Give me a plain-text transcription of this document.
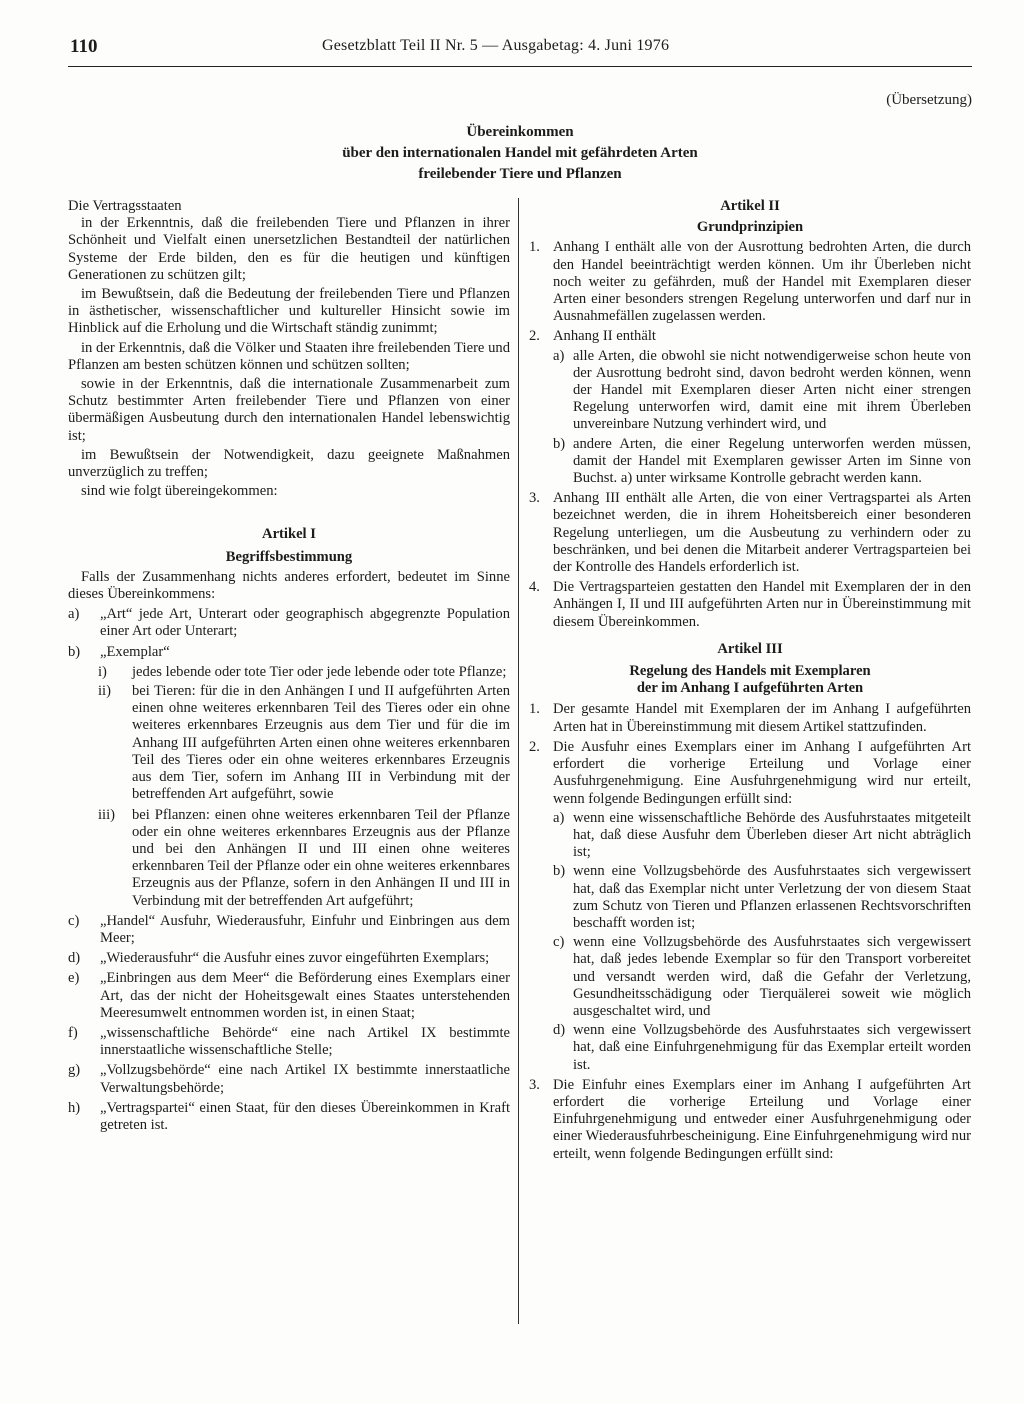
110	Gesetzblatt Teil II Nr. 5 — Ausgabetag: 4. Juni 1976
(Übersetzung)
Übereinkommen
über den internationalen Handel mit gefährdeten Arten
freilebender Tiere und Pflanzen

Die Vertragsstaaten

in der Erkenntnis, daß die freilebenden Tiere und Pflanzen in ihrer Schönheit und Vielfalt einen unersetzlichen Bestandteil der natürlichen Systeme der Erde bilden, den es für die heutigen und künftigen Generationen zu schützen gilt;

im Bewußtsein, daß die Bedeutung der freilebenden Tiere und Pflanzen in ästhetischer, wissenschaftlicher und kultureller Hinsicht sowie im Hinblick auf die Erholung und die Wirtschaft ständig zunimmt;

in der Erkenntnis, daß die Völker und Staaten ihre freilebenden Tiere und Pflanzen am besten schützen können und schützen sollten;

sowie in der Erkenntnis, daß die internationale Zusammenarbeit zum Schutz bestimmter Arten freilebender Tiere und Pflanzen von einer übermäßigen Ausbeutung durch den internationalen Handel lebenswichtig ist;

im Bewußtsein der Notwendigkeit, dazu geeignete Maßnahmen unverzüglich zu treffen;

sind wie folgt übereingekommen:

Artikel I

Begriffsbestimmung

Falls der Zusammenhang nichts anderes erfordert, bedeutet im Sinne dieses Übereinkommens:

a)	„Art“ jede Art, Unterart oder geographisch abgegrenzte Population einer Art oder Unterart;
b)	„Exemplar“
i)	jedes lebende oder tote Tier oder jede lebende oder tote Pflanze;
ii)	bei Tieren: für die in den Anhängen I und II aufgeführten Arten einen ohne weiteres erkennbaren Teil des Tieres oder ein ohne weiteres erkennbares Erzeugnis aus dem Tier und für die im Anhang III aufgeführten Arten einen ohne weiteres erkennbaren Teil des Tieres oder ein ohne weiteres erkennbares Erzeugnis aus dem Tier, sofern im Anhang III in Verbindung mit der betreffenden Art aufgeführt, sowie
iii)	bei Pflanzen: einen ohne weiteres erkennbaren Teil der Pflanze oder ein ohne weiteres erkennbares Erzeugnis aus der Pflanze und bei den Anhängen II und III einen ohne weiteres erkennbaren Teil der Pflanze oder ein ohne weiteres erkennbares Erzeugnis aus der Pflanze, sofern in den Anhängen II und III in Verbindung mit der betreffenden Art aufgeführt;
c)	„Handel“ Ausfuhr, Wiederausfuhr, Einfuhr und Einbringen aus dem Meer;
d)	„Wiederausfuhr“ die Ausfuhr eines zuvor eingeführten Exemplars;
e)	„Einbringen aus dem Meer“ die Beförderung eines Exemplars einer Art, das der nicht der Hoheitsgewalt eines Staates unterstehenden Meeresumwelt entnommen worden ist, in einen Staat;
f)	„wissenschaftliche Behörde“ eine nach Artikel IX bestimmte innerstaatliche wissenschaftliche Stelle;
g)	„Vollzugsbehörde“ eine nach Artikel IX bestimmte innerstaatliche Verwaltungsbehörde;
h)	„Vertragspartei“ einen Staat, für den dieses Übereinkommen in Kraft getreten ist.

Artikel II

Grundprinzipien

1. Anhang I enthält alle von der Ausrottung bedrohten Arten, die durch den Handel beeinträchtigt werden können. Um ihr Überleben nicht noch weiter zu gefährden, muß der Handel mit Exemplaren dieser Arten einer besonders strengen Regelung unterworfen und darf nur in Ausnahmefällen zugelassen werden.
2. Anhang II enthält
a) alle Arten, die obwohl sie nicht notwendigerweise schon heute von der Ausrottung bedroht sind, davon bedroht werden können, wenn der Handel mit Exemplaren dieser Arten nicht einer strengen Regelung unterworfen wird, damit eine mit ihrem Überleben unvereinbare Nutzung verhindert wird, und
b) andere Arten, die einer Regelung unterworfen werden müssen, damit der Handel mit Exemplaren gewisser Arten im Sinne von Buchst. a) unter wirksame Kontrolle gebracht werden kann.
3. Anhang III enthält alle Arten, die von einer Vertragspartei als Arten bezeichnet werden, die in ihrem Hoheitsbereich einer besonderen Regelung unterliegen, um die Ausbeutung zu verhindern oder zu beschränken, und bei denen die Mitarbeit anderer Vertragsparteien bei der Kontrolle des Handels erforderlich ist.
4. Die Vertragsparteien gestatten den Handel mit Exemplaren der in den Anhängen I, II und III aufgeführten Arten nur in Übereinstimmung mit diesem Übereinkommen.

Artikel III

Regelung des Handels mit Exemplaren

der im Anhang I aufgeführten Arten

1. Der gesamte Handel mit Exemplaren der im Anhang I aufgeführten Arten hat in Übereinstimmung mit diesem Artikel stattzufinden.
2. Die Ausfuhr eines Exemplars einer im Anhang I aufgeführten Art erfordert die vorherige Erteilung und Vorlage einer Ausfuhrgenehmigung. Eine Ausfuhrgenehmigung wird nur erteilt, wenn folgende Bedingungen erfüllt sind:
a) wenn eine wissenschaftliche Behörde des Ausfuhrstaates mitgeteilt hat, daß diese Ausfuhr dem Überleben dieser Art nicht abträglich ist;
b) wenn eine Vollzugsbehörde des Ausfuhrstaates sich vergewissert hat, daß das Exemplar nicht unter Verletzung der von diesem Staat zum Schutz von Tieren und Pflanzen erlassenen Rechtsvorschriften beschafft worden ist;
c) wenn eine Vollzugsbehörde des Ausfuhrstaates sich vergewissert hat, daß jedes lebende Exemplar so für den Transport vorbereitet und versandt werden wird, daß die Gefahr der Verletzung, Gesundheitsschädigung oder Tierquälerei soweit wie möglich ausgeschaltet wird, und
d) wenn eine Vollzugsbehörde des Ausfuhrstaates sich vergewissert hat, daß eine Einfuhrgenehmigung für das Exemplar erteilt worden ist.
3. Die Einfuhr eines Exemplars einer im Anhang I aufgeführten Art erfordert die vorherige Erteilung und Vorlage einer Einfuhrgenehmigung und entweder einer Ausfuhrgenehmigung oder einer Wiederausfuhrbescheinigung. Eine Einfuhrgenehmigung wird nur erteilt, wenn folgende Bedingungen erfüllt sind:
